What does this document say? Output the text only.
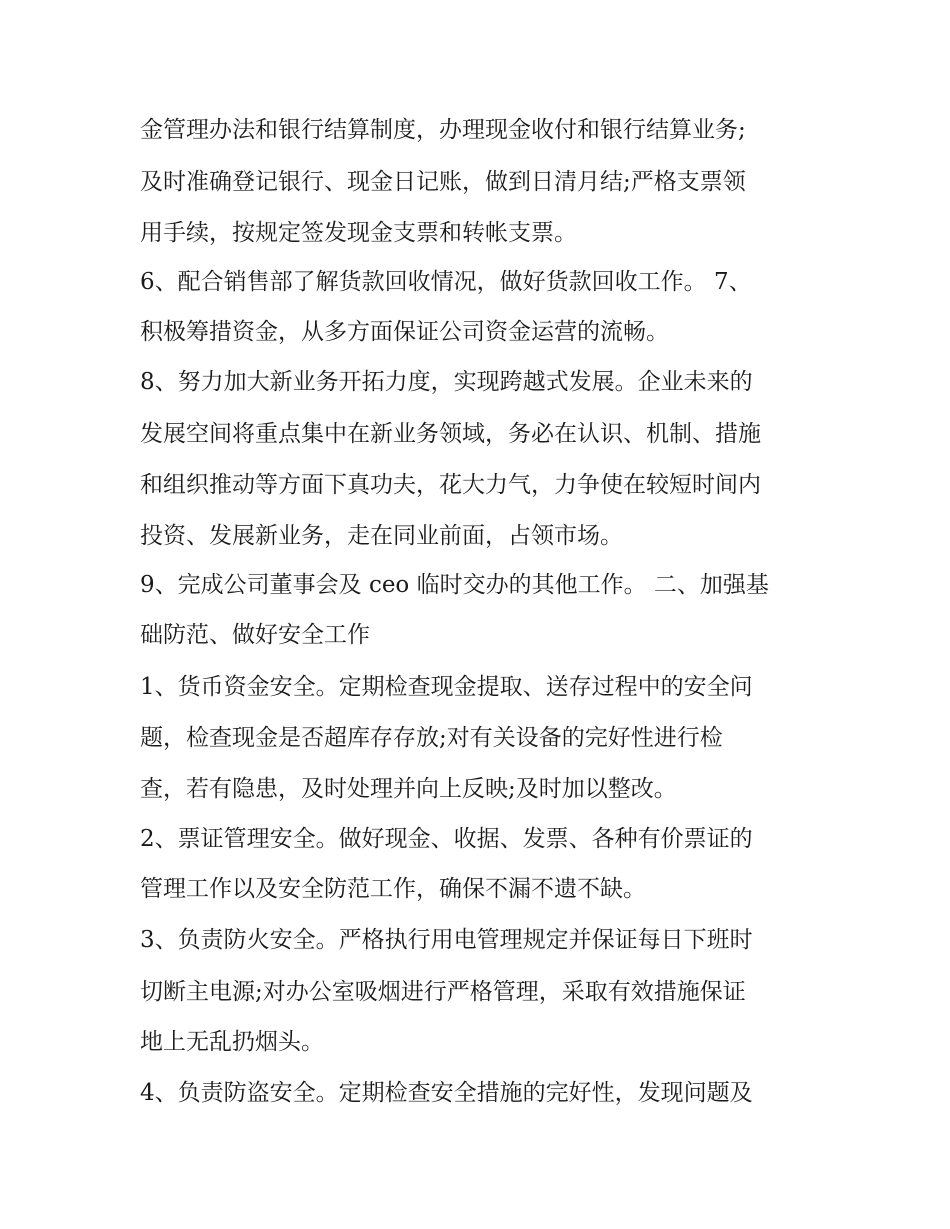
金管理办法和银行结算制度，办理现金收付和银行结算业务;
及时准确登记银行、现金日记账，做到日清月结;严格支票领
用手续，按规定签发现金支票和转帐支票。
6、配合销售部了解货款回收情况，做好货款回收工作。 7、
积极筹措资金，从多方面保证公司资金运营的流畅。
8、努力加大新业务开拓力度，实现跨越式发展。企业未来的
发展空间将重点集中在新业务领域，务必在认识、机制、措施
和组织推动等方面下真功夫，花大力气，力争使在较短时间内
投资、发展新业务，走在同业前面，占领市场。
9、完成公司董事会及 ceo 临时交办的其他工作。 二、加强基
础防范、做好安全工作
1、货币资金安全。定期检查现金提取、送存过程中的安全问
题，检查现金是否超库存存放;对有关设备的完好性进行检
查，若有隐患，及时处理并向上反映;及时加以整改。
2、票证管理安全。做好现金、收据、发票、各种有价票证的
管理工作以及安全防范工作，确保不漏不遗不缺。
3、负责防火安全。严格执行用电管理规定并保证每日下班时
切断主电源;对办公室吸烟进行严格管理，采取有效措施保证
地上无乱扔烟头。
4、负责防盗安全。定期检查安全措施的完好性，发现问题及
